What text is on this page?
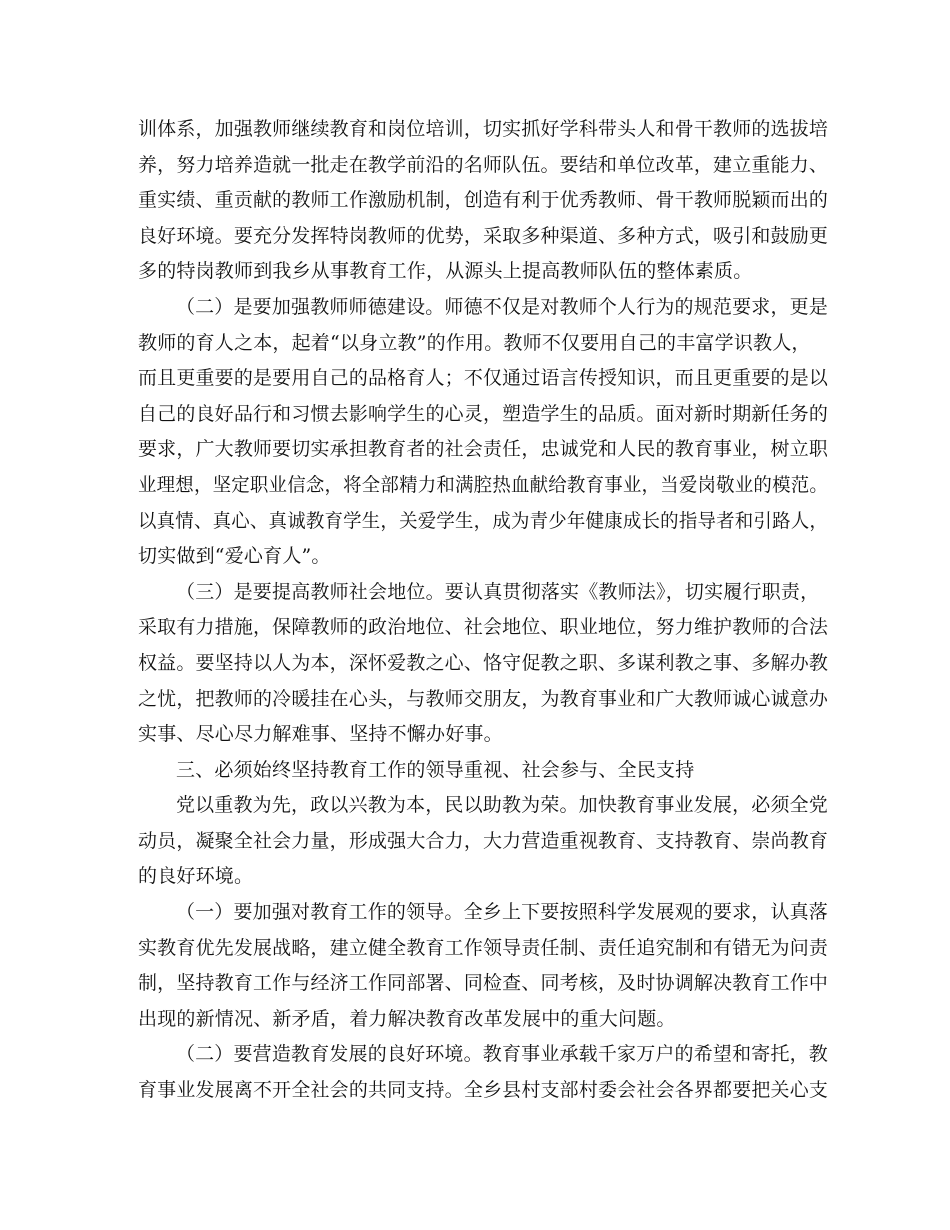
训体系，加强教师继续教育和岗位培训，切实抓好学科带头人和骨干教师的选拔培
养，努力培养造就一批走在教学前沿的名师队伍。要结和单位改革，建立重能力、
重实绩、重贡献的教师工作激励机制，创造有利于优秀教师、骨干教师脱颖而出的
良好环境。要充分发挥特岗教师的优势，采取多种渠道、多种方式，吸引和鼓励更
多的特岗教师到我乡从事教育工作，从源头上提高教师队伍的整体素质。
（二）是要加强教师师德建设。师德不仅是对教师个人行为的规范要求，更是
教师的育人之本，起着“以身立教”的作用。教师不仅要用自己的丰富学识教人，
而且更重要的是要用自己的品格育人；不仅通过语言传授知识，而且更重要的是以
自己的良好品行和习惯去影响学生的心灵，塑造学生的品质。面对新时期新任务的
要求，广大教师要切实承担教育者的社会责任，忠诚党和人民的教育事业，树立职
业理想，坚定职业信念，将全部精力和满腔热血献给教育事业，当爱岗敬业的模范。
以真情、真心、真诚教育学生，关爱学生，成为青少年健康成长的指导者和引路人，
切实做到“爱心育人”。
（三）是要提高教师社会地位。要认真贯彻落实《教师法》，切实履行职责，
采取有力措施，保障教师的政治地位、社会地位、职业地位，努力维护教师的合法
权益。要坚持以人为本，深怀爱教之心、恪守促教之职、多谋利教之事、多解办教
之忧，把教师的冷暖挂在心头，与教师交朋友，为教育事业和广大教师诚心诚意办
实事、尽心尽力解难事、坚持不懈办好事。
三、必须始终坚持教育工作的领导重视、社会参与、全民支持
党以重教为先，政以兴教为本，民以助教为荣。加快教育事业发展，必须全党
动员，凝聚全社会力量，形成强大合力，大力营造重视教育、支持教育、崇尚教育
的良好环境。
（一）要加强对教育工作的领导。全乡上下要按照科学发展观的要求，认真落
实教育优先发展战略，建立健全教育工作领导责任制、责任追究制和有错无为问责
制，坚持教育工作与经济工作同部署、同检查、同考核，及时协调解决教育工作中
出现的新情况、新矛盾，着力解决教育改革发展中的重大问题。
（二）要营造教育发展的良好环境。教育事业承载千家万户的希望和寄托，教
育事业发展离不开全社会的共同支持。全乡县村支部村委会社会各界都要把关心支
